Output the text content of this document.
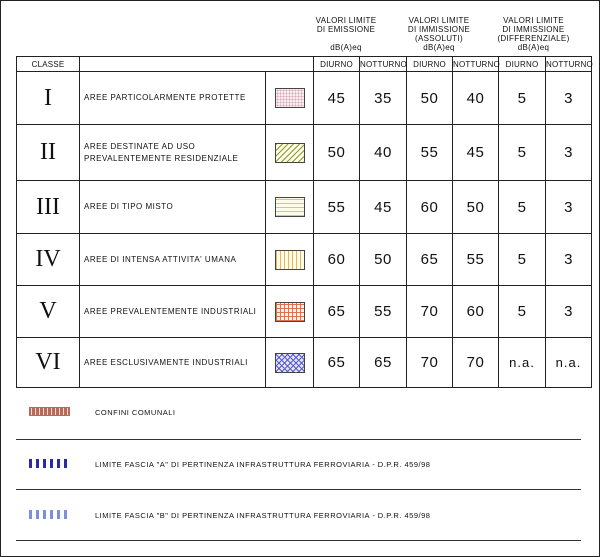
VALORI LIMITE
DI EMISSIONE
dB(A)eq
VALORI LIMITE
DI IMMISSIONE
(ASSOLUTI)
dB(A)eq
VALORI LIMITE
DI IMMISSIONE
(DIFFERENZIALE)
dB(A)eq
CLASSE			DIURNO	NOTTURNO	DIURNO	NOTTURNO	DIURNO	NOTTURNO
I	AREE PARTICOLARMENTE PROTETTE		45	35	50	40	5	3
II	AREE DESTINATE AD USO
PREVALENTEMENTE RESIDENZIALE		50	40	55	45	5	3
III	AREE DI TIPO MISTO		55	45	60	50	5	3
IV	AREE DI INTENSA ATTIVITA' UMANA		60	50	65	55	5	3
V	AREE PREVALENTEMENTE INDUSTRIALI		65	55	70	60	5	3
VI	AREE ESCLUSIVAMENTE INDUSTRIALI		65	65	70	70	n.a.	n.a.
CONFINI COMUNALI
LIMITE FASCIA "A" DI PERTINENZA INFRASTRUTTURA FERROVIARIA - D.P.R. 459/98
LIMITE FASCIA "B" DI PERTINENZA INFRASTRUTTURA FERROVIARIA - D.P.R. 459/98
